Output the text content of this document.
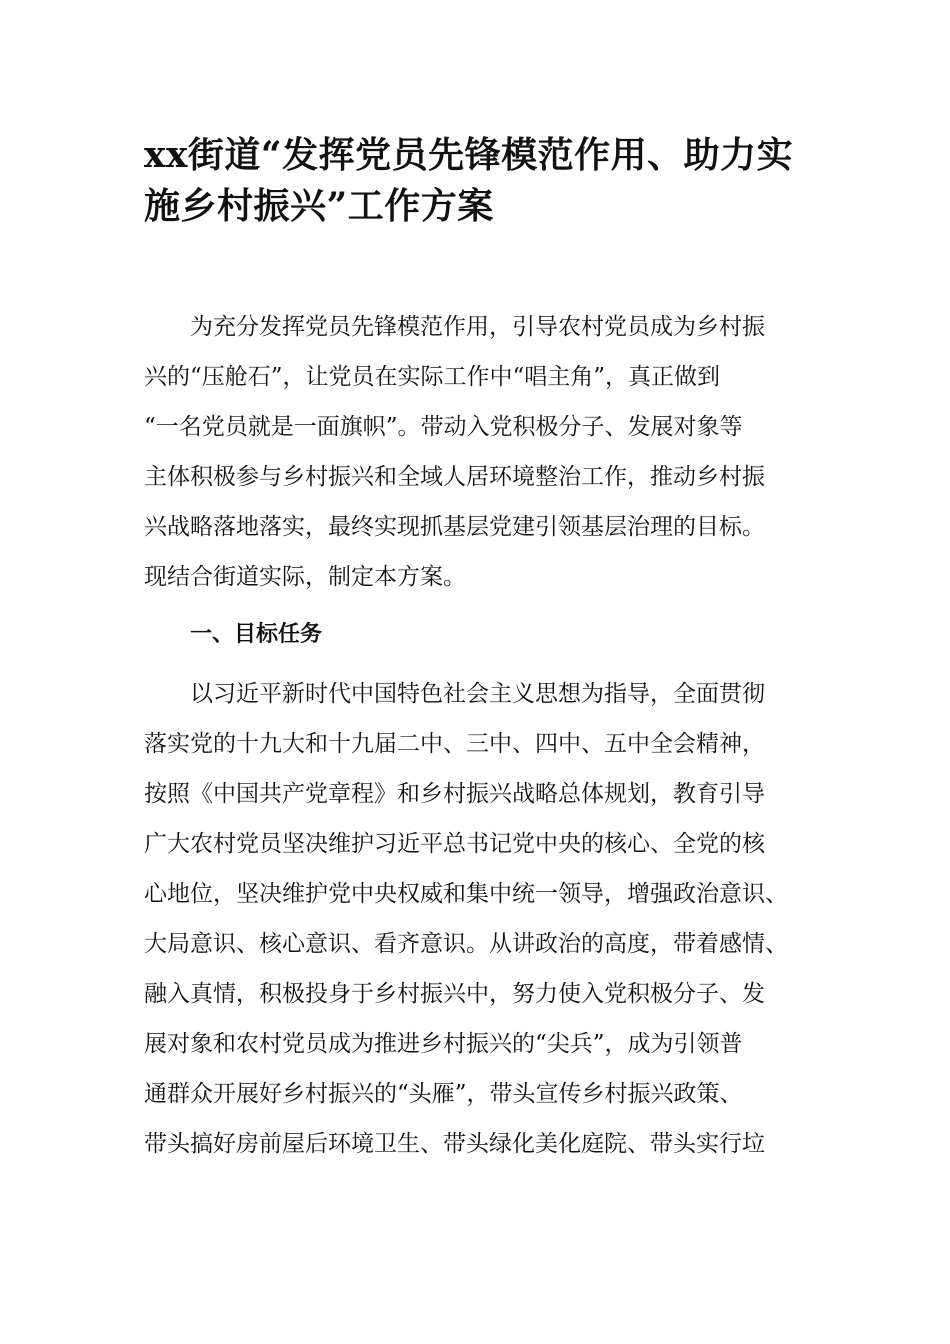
xx街道“发挥党员先锋模范作用、助力实
施乡村振兴”工作方案
为充分发挥党员先锋模范作用，引导农村党员成为乡村振
兴的“压舱石”，让党员在实际工作中“唱主角”，真正做到
“一名党员就是一面旗帜”。带动入党积极分子、发展对象等
主体积极参与乡村振兴和全域人居环境整治工作，推动乡村振
兴战略落地落实，最终实现抓基层党建引领基层治理的目标。
现结合街道实际，制定本方案。
一、目标任务
以习近平新时代中国特色社会主义思想为指导，全面贯彻
落实党的十九大和十九届二中、三中、四中、五中全会精神，
按照《中国共产党章程》和乡村振兴战略总体规划，教育引导
广大农村党员坚决维护习近平总书记党中央的核心、全党的核
心地位，坚决维护党中央权威和集中统一领导，增强政治意识、
大局意识、核心意识、看齐意识。从讲政治的高度，带着感情、
融入真情，积极投身于乡村振兴中，努力使入党积极分子、发
展对象和农村党员成为推进乡村振兴的“尖兵”，成为引领普
通群众开展好乡村振兴的“头雁”，带头宣传乡村振兴政策、
带头搞好房前屋后环境卫生、带头绿化美化庭院、带头实行垃
